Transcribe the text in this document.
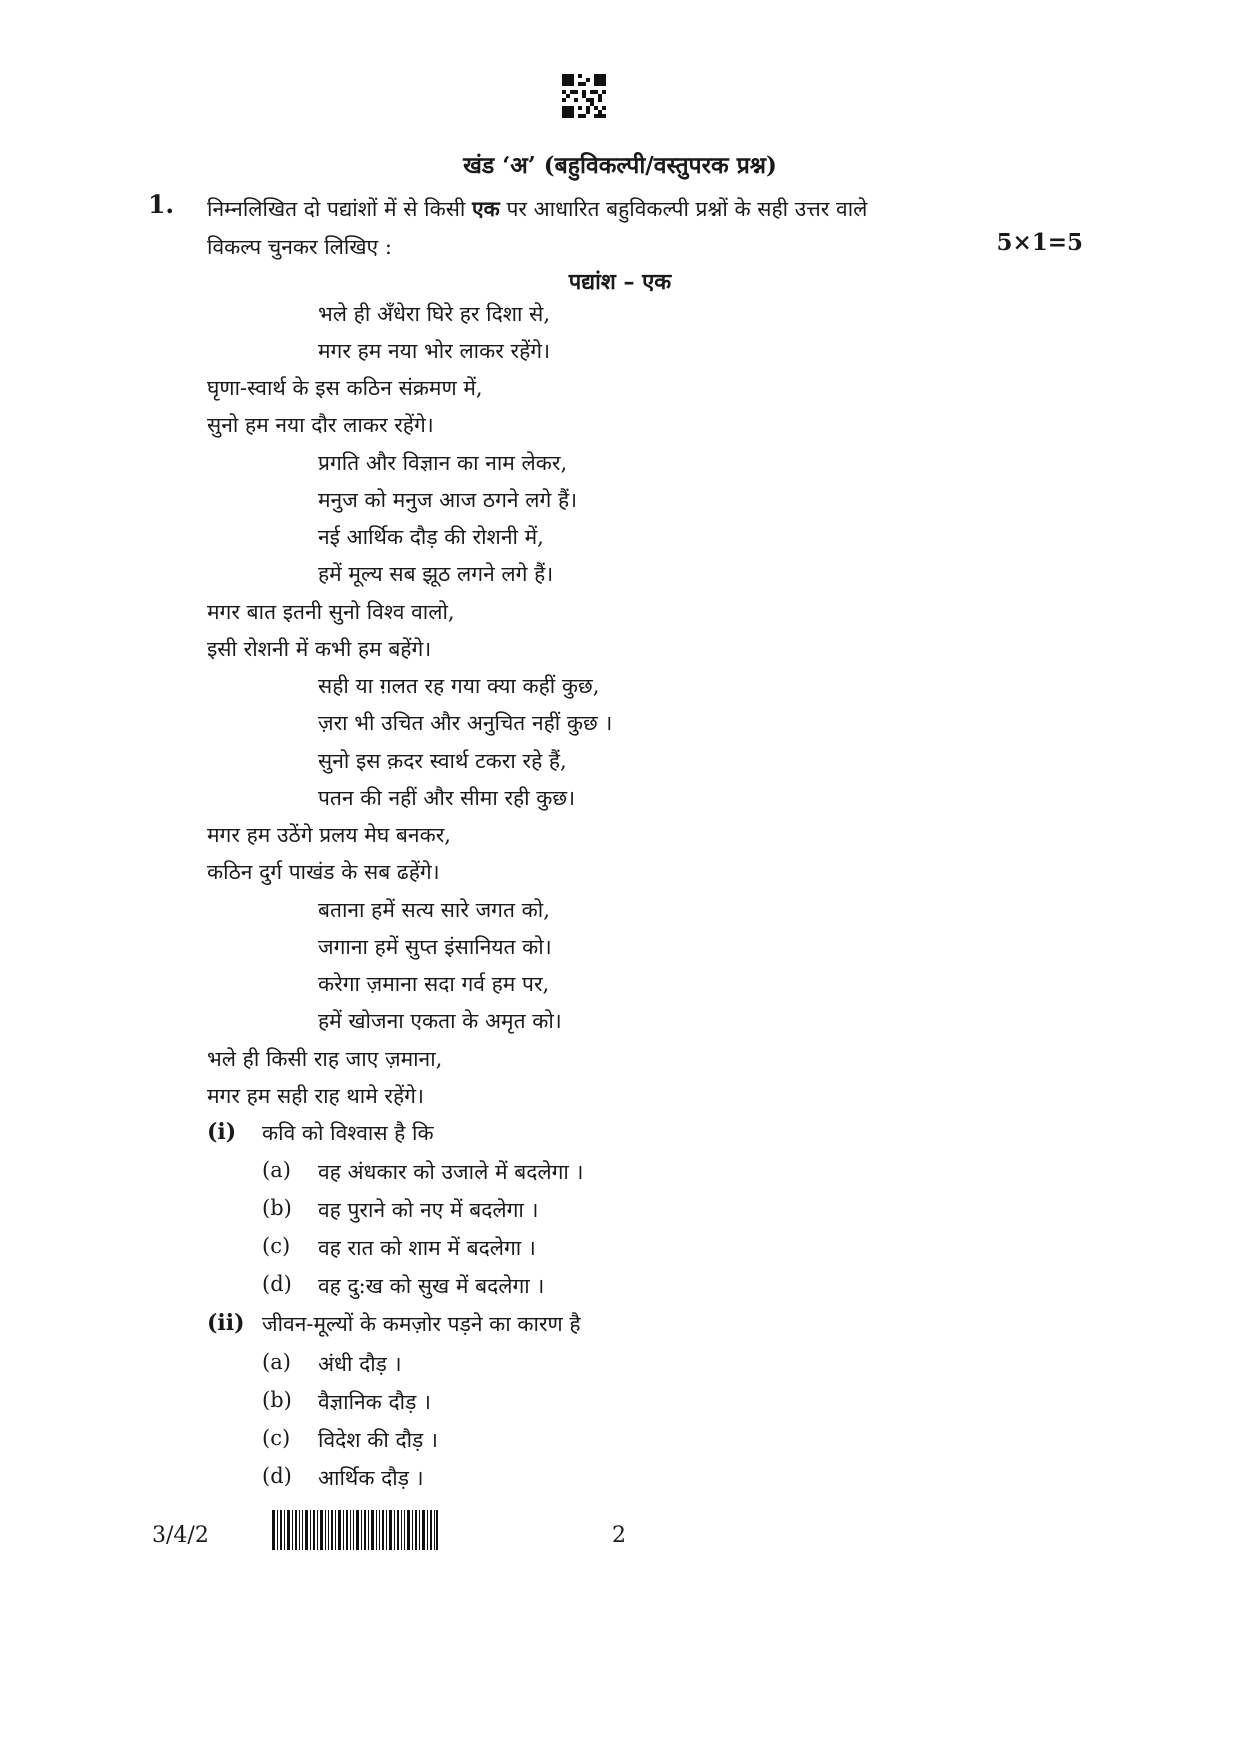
खंड ‘अ’ (बहुविकल्पी/वस्तुपरक प्रश्न)
1. निम्नलिखित दो पद्यांशों में से किसी एक पर आधारित बहुविकल्पी प्रश्नों के सही उत्तर वाले
विकल्प चुनकर लिखिए :	5×1=5
पद्यांश – एक
भले ही अँधेरा घिरे हर दिशा से,
मगर हम नया भोर लाकर रहेंगे।
घृणा-स्वार्थ के इस कठिन संक्रमण में,
सुनो हम नया दौर लाकर रहेंगे।
प्रगति और विज्ञान का नाम लेकर,
मनुज को मनुज आज ठगने लगे हैं।
नई आर्थिक दौड़ की रोशनी में,
हमें मूल्य सब झूठ लगने लगे हैं।
मगर बात इतनी सुनो विश्व वालो,
इसी रोशनी में कभी हम बहेंगे।
सही या ग़लत रह गया क्या कहीं कुछ,
ज़रा भी उचित और अनुचित नहीं कुछ ।
सुनो इस क़दर स्वार्थ टकरा रहे हैं,
पतन की नहीं और सीमा रही कुछ।
मगर हम उठेंगे प्रलय मेघ बनकर,
कठिन दुर्ग पाखंड के सब ढहेंगे।
बताना हमें सत्य सारे जगत को,
जगाना हमें सुप्त इंसानियत को।
करेगा ज़माना सदा गर्व हम पर,
हमें खोजना एकता के अमृत को।
भले ही किसी राह जाए ज़माना,
मगर हम सही राह थामे रहेंगे।
(i) कवि को विश्वास है कि
(a) वह अंधकार को उजाले में बदलेगा ।
(b) वह पुराने को नए में बदलेगा ।
(c) वह रात को शाम में बदलेगा ।
(d) वह दु:ख को सुख में बदलेगा ।
(ii) जीवन-मूल्यों के कमज़ोर पड़ने का कारण है
(a) अंधी दौड़ ।
(b) वैज्ञानिक दौड़ ।
(c) विदेश की दौड़ ।
(d) आर्थिक दौड़ ।
3/4/2	2
